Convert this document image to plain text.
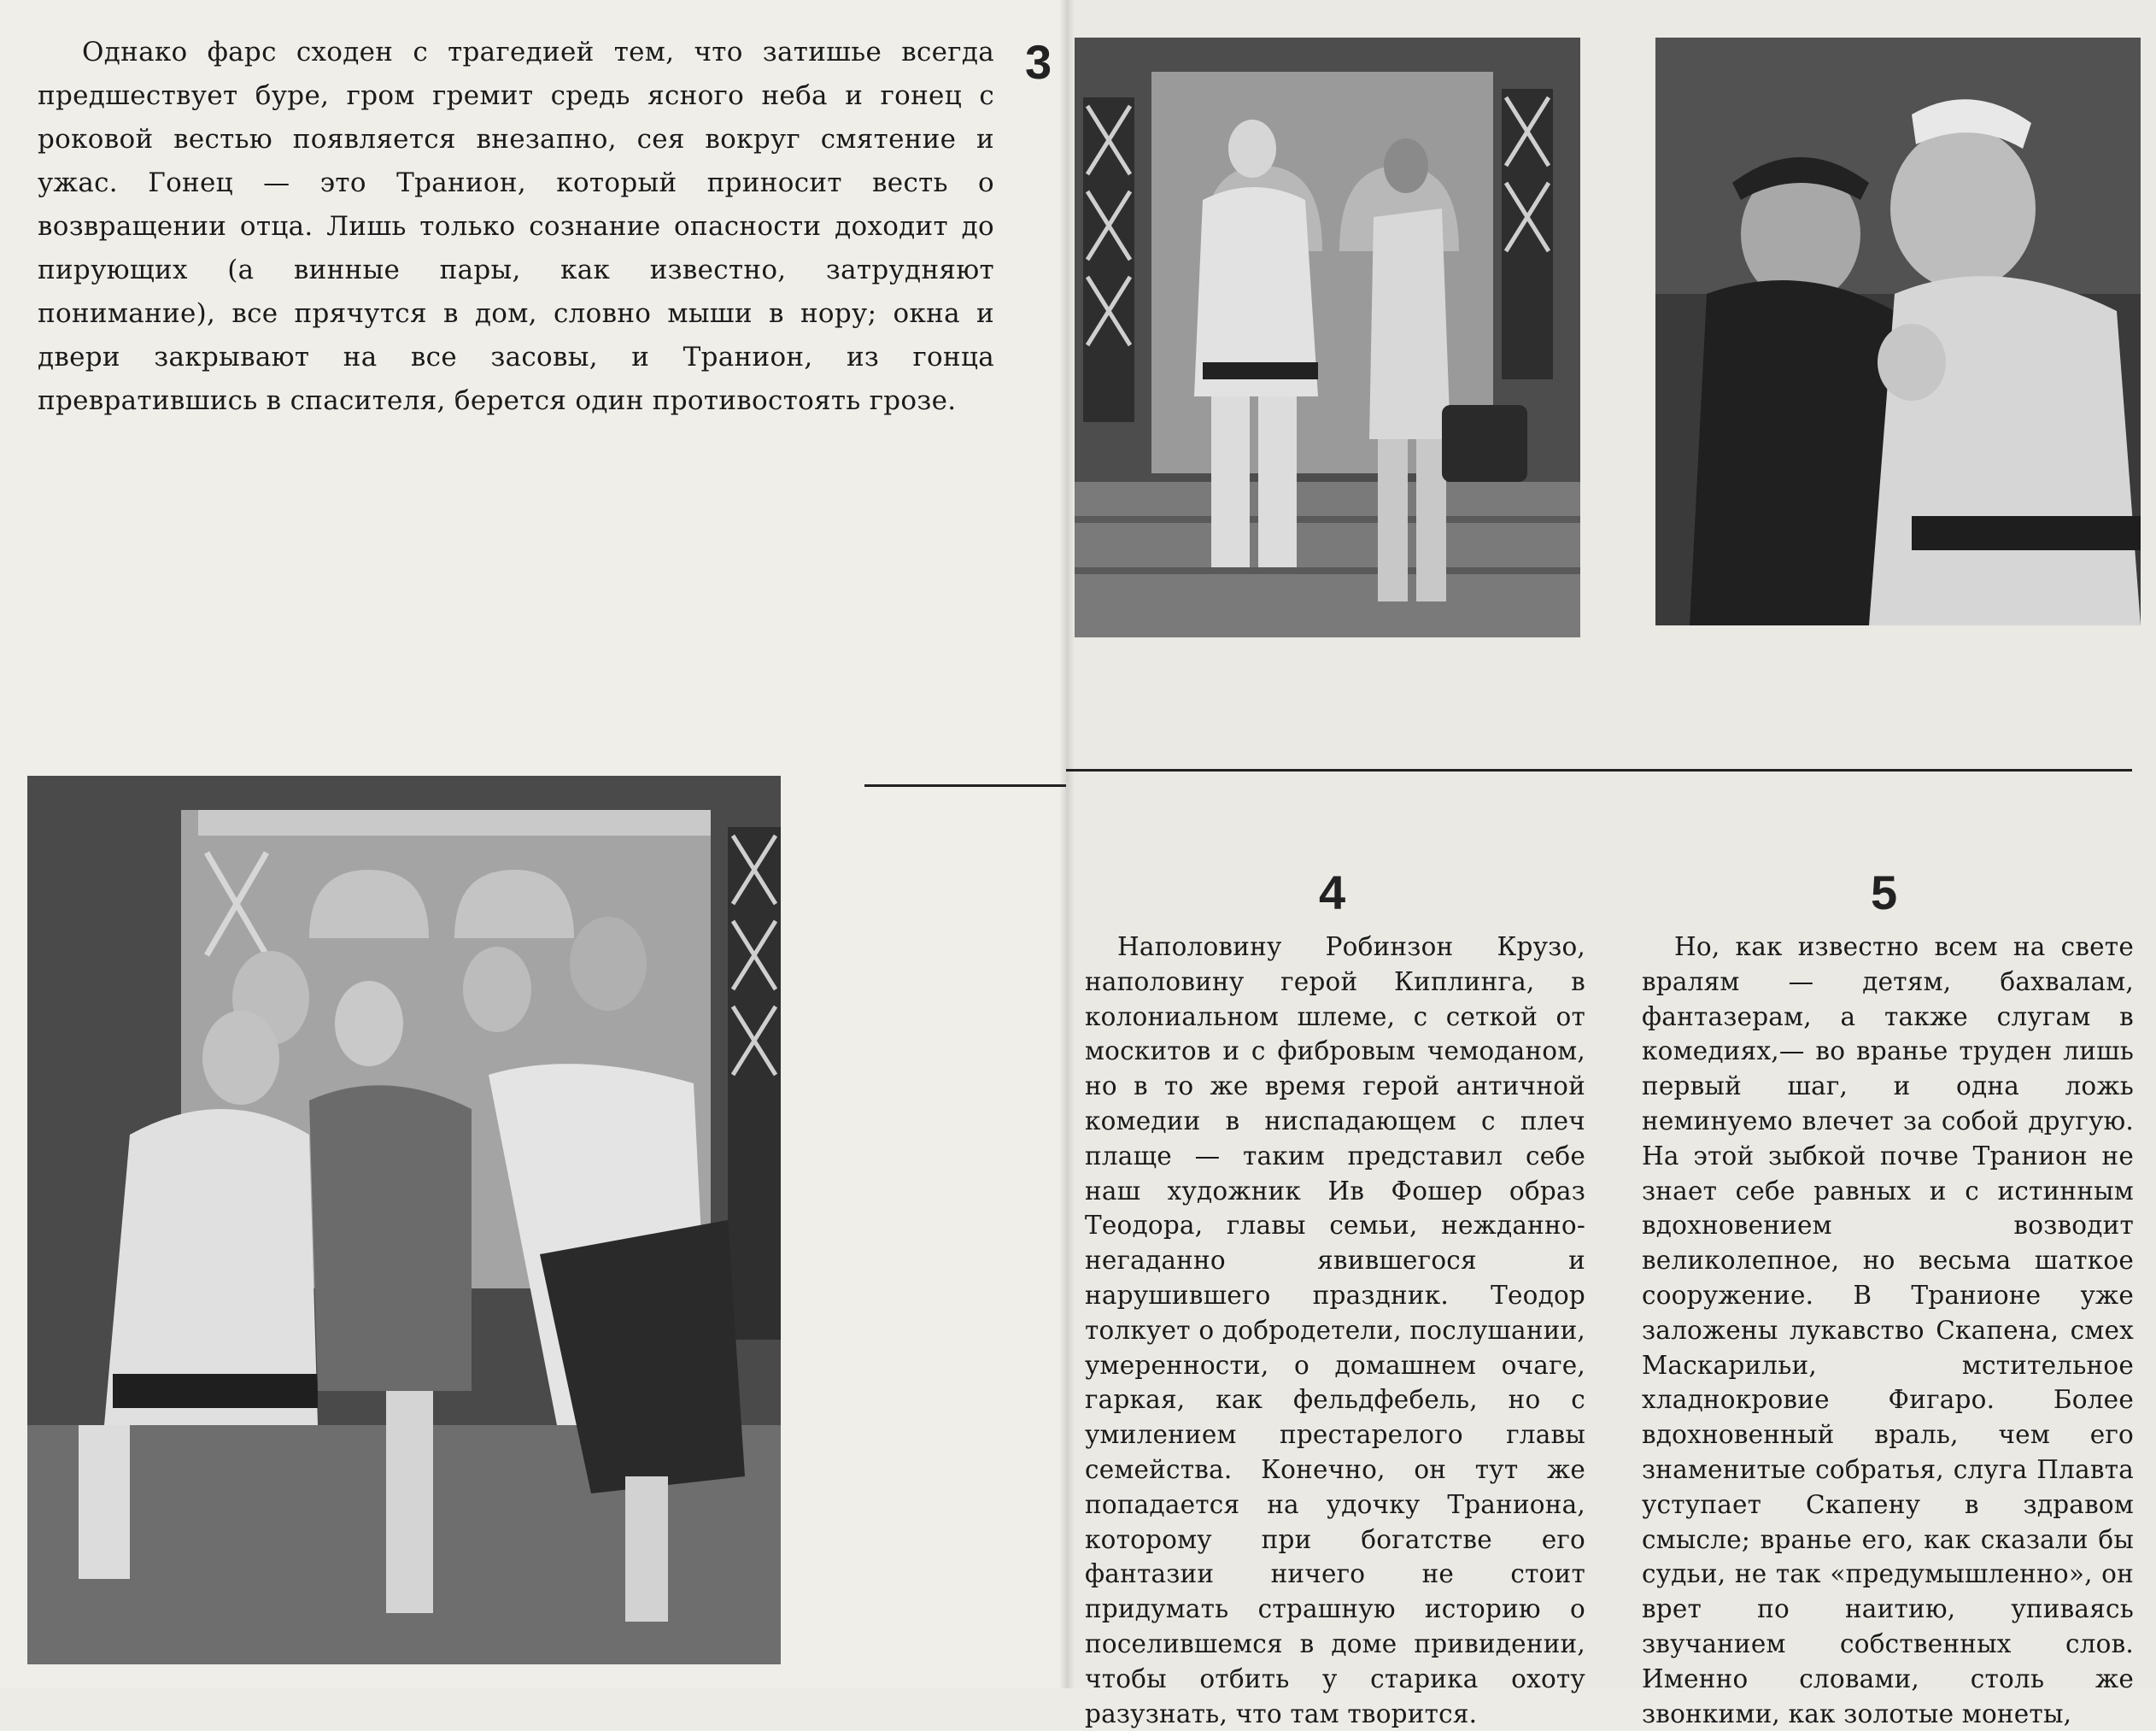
Однако фарс сходен с трагедией тем, что затишье всегда предшествует буре, гром гремит средь ясного неба и гонец с роковой вестью появляется внезапно, сея вокруг смятение и ужас. Гонец — это Транион, который приносит весть о возвращении отца. Лишь только сознание опасности доходит до пирующих (а винные пары, как известно, затрудняют понимание), все прячутся в дом, словно мыши в нору; окна и двери закрывают на все засовы, и Транион, из гонца превратившись в спасителя, берется один противостоять грозе.

3
4

Наполовину Робинзон Крузо, наполовину герой Киплинга, в колониальном шлеме, с сеткой от москитов и с фибровым чемоданом, но в то же время герой античной комедии в ниспадающем с плеч плаще — таким представил себе наш художник Ив Фошер образ Теодора, главы семьи, нежданно-негаданно явившегося и нарушившего праздник. Теодор толкует о добродетели, послушании, умеренности, о домашнем очаге, гаркая, как фельдфебель, но с умилением престарелого главы семейства. Конечно, он тут же попадается на удочку Траниона, которому при богатстве его фантазии ничего не стоит придумать страшную историю о поселившемся в доме привидении, чтобы отбить у старика охоту разузнать, что там творится.

5

Но, как известно всем на свете вралям — детям, бахвалам, фантазерам, а также слугам в комедиях,— во вранье труден лишь первый шаг, и одна ложь неминуемо влечет за собой другую. На этой зыбкой почве Транион не знает себе равных и с истинным вдохновением возводит великолепное, но весьма шаткое сооружение. В Транионе уже заложены лукавство Скапена, смех Маскарильи, мстительное хладнокровие Фигаро. Более вдохновенный враль, чем его знаменитые собратья, слуга Плавта уступает Скапену в здравом смысле; вранье его, как сказали бы судьи, не так «предумышленно», он врет по наитию, упиваясь звучанием собственных слов. Именно словами, столь же звонкими, как золотые монеты,
